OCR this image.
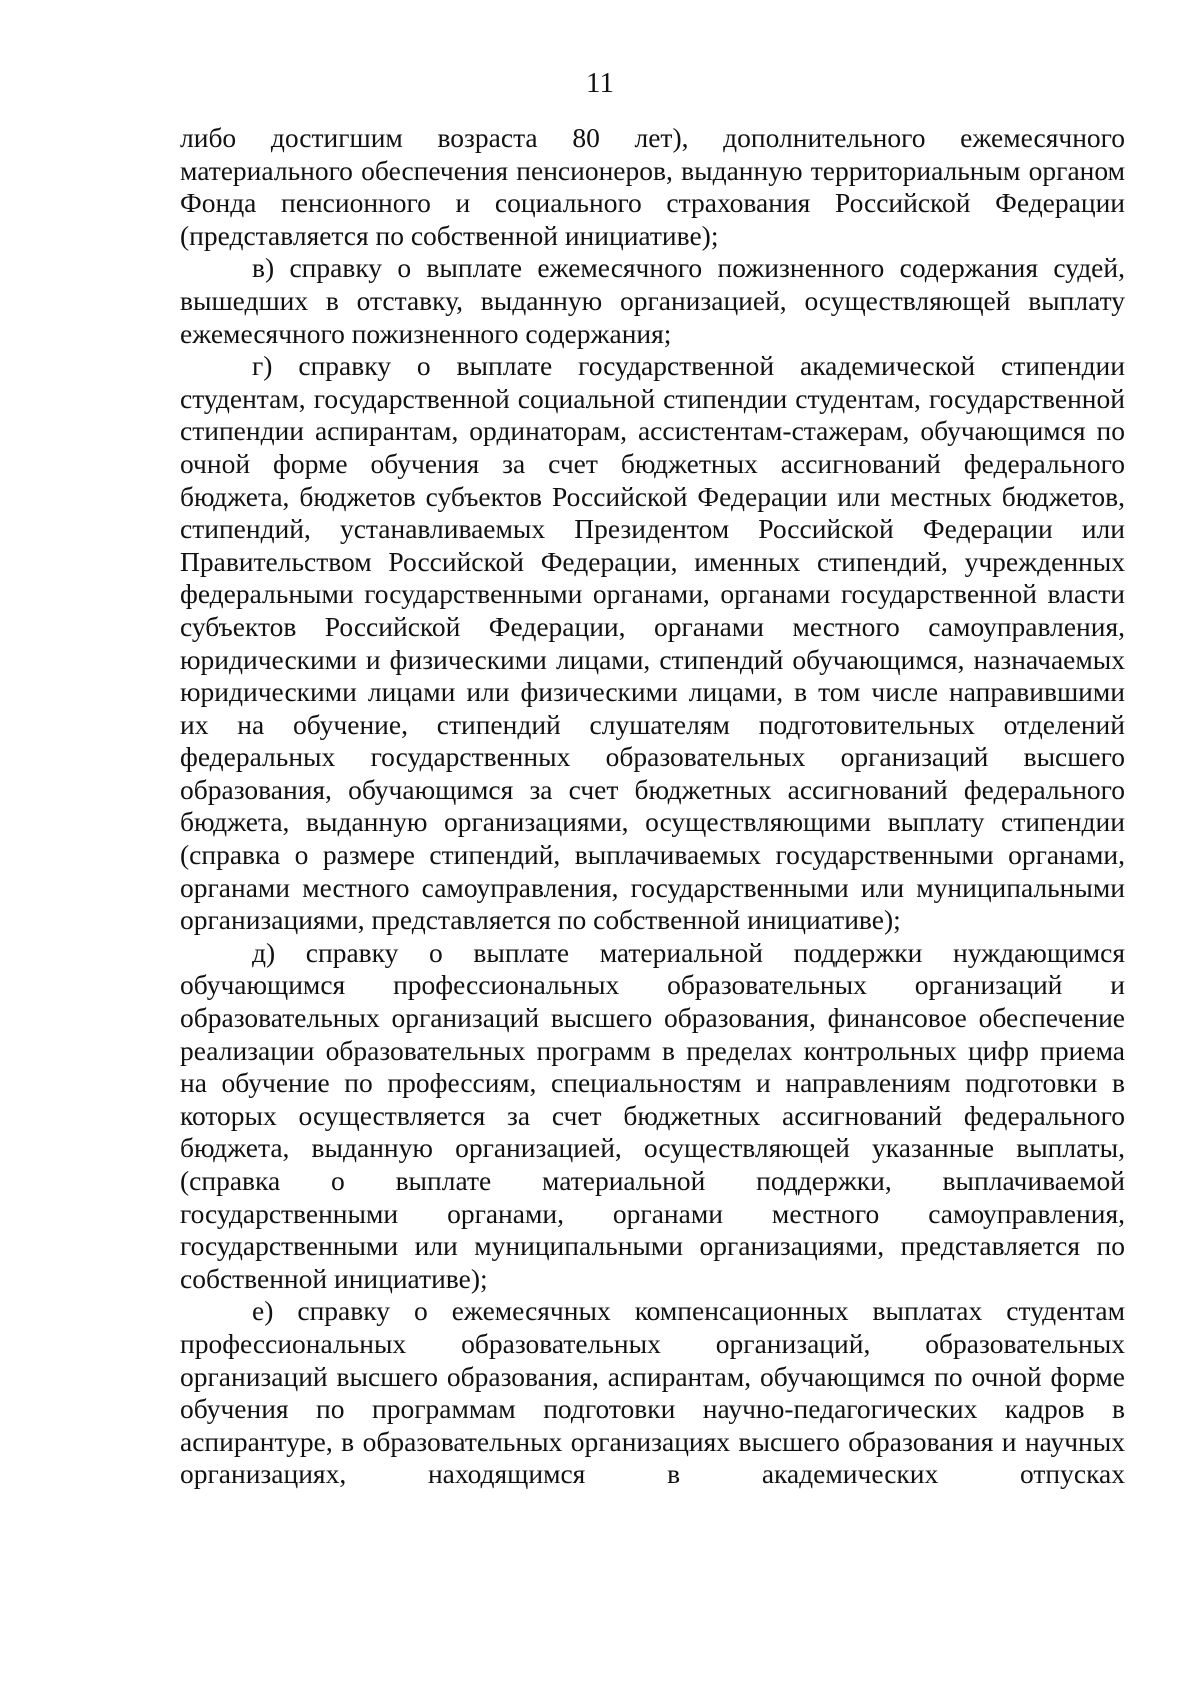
11

либо достигшим возраста 80 лет), дополнительного ежемесячного материального обеспечения пенсионеров, выданную территориальным органом Фонда пенсионного и социального страхования Российской Федерации (представляется по собственной инициативе);

в) справку о выплате ежемесячного пожизненного содержания судей, вышедших в отставку, выданную организацией, осуществляющей выплату ежемесячного пожизненного содержания;

г) справку о выплате государственной академической стипендии студентам, государственной социальной стипендии студентам, государственной стипендии аспирантам, ординаторам, ассистентам-стажерам, обучающимся по очной форме обучения за счет бюджетных ассигнований федерального бюджета, бюджетов субъектов Российской Федерации или местных бюджетов, стипендий, устанавливаемых Президентом Российской Федерации или Правительством Российской Федерации, именных стипендий, учрежденных федеральными государственными органами, органами государственной власти субъектов Российской Федерации, органами местного самоуправления, юридическими и физическими лицами, стипендий обучающимся, назначаемых юридическими лицами или физическими лицами, в том числе направившими их на обучение, стипендий слушателям подготовительных отделений федеральных государственных образовательных организаций высшего образования, обучающимся за счет бюджетных ассигнований федерального бюджета, выданную организациями, осуществляющими выплату стипендии (справка о размере стипендий, выплачиваемых государственными органами, органами местного самоуправления, государственными или муниципальными организациями, представляется по собственной инициативе);

д) справку о выплате материальной поддержки нуждающимся обучающимся профессиональных образовательных организаций и образовательных организаций высшего образования, финансовое обеспечение реализации образовательных программ в пределах контрольных цифр приема на обучение по профессиям, специальностям и направлениям подготовки в которых осуществляется за счет бюджетных ассигнований федерального бюджета, выданную организацией, осуществляющей указанные выплаты, (справка о выплате материальной поддержки, выплачиваемой государственными органами, органами местного самоуправления, государственными или муниципальными организациями, представляется по собственной инициативе);

е) справку о ежемесячных компенсационных выплатах студентам профессиональных образовательных организаций, образовательных организаций высшего образования, аспирантам, обучающимся по очной форме обучения по программам подготовки научно-педагогических кадров в аспирантуре, в образовательных организациях высшего образования и научных организациях, находящимся в академических отпусках
